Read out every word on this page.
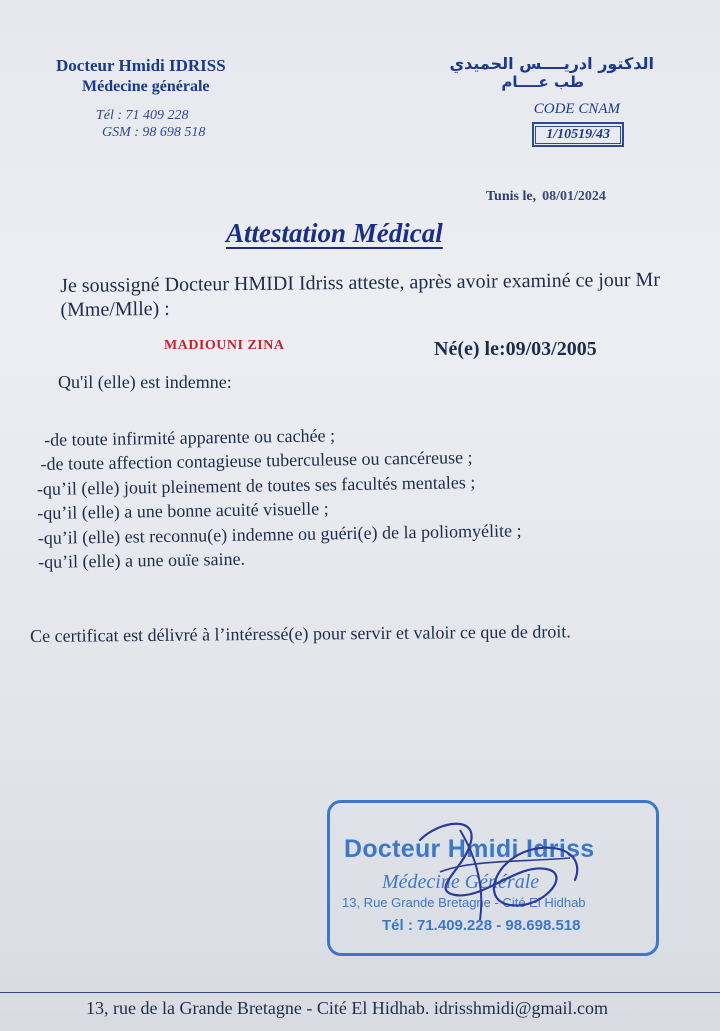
Docteur Hmidi IDRISS
Médecine générale
Tél : 71 409 228
GSM : 98 698 518
الدكتور ادريــــس الحميدي
طب عــــام
CODE CNAM
1/10519/43
Tunis le, 08/01/2024
Attestation Médical
Je soussigné Docteur HMIDI Idriss atteste, après avoir examiné ce jour Mr (Mme/Mlle) :
MADIOUNI ZINA	Né(e) le:09/03/2005
Qu'il (elle) est indemne:
-de toute infirmité apparente ou cachée ;
-de toute affection contagieuse tuberculeuse ou cancéreuse ;
-qu’il (elle) jouit pleinement de toutes ses facultés mentales ;
-qu’il (elle) a une bonne acuité visuelle ;
-qu’il (elle) est reconnu(e) indemne ou guéri(e) de la poliomyélite ;
-qu’il (elle) a une ouïe saine.
Ce certificat est délivré à l’intéressé(e) pour servir et valoir ce que de droit.
Docteur Hmidi Idriss
Médecine Générale
13, Rue Grande Bretagne - Cité El Hidhab
Tél : 71.409.228 - 98.698.518
13, rue de la Grande Bretagne - Cité El Hidhab. idrisshmidi@gmail.com
